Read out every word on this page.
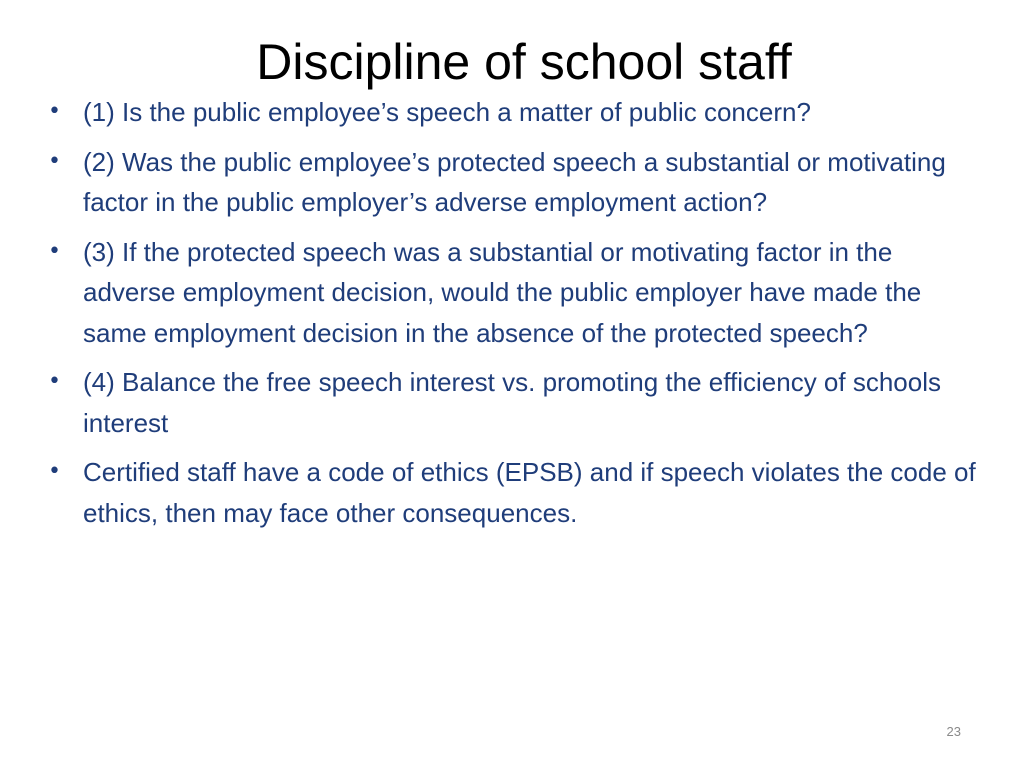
Discipline of school staff
• (1) Is the public employee’s speech a matter of public concern?
• (2) Was the public employee’s protected speech a substantial or motivating factor in the public employer’s adverse employment action?
• (3) If the protected speech was a substantial or motivating factor in the adverse employment decision, would the public employer have made the same employment decision in the absence of the protected speech?
• (4) Balance the free speech interest vs. promoting the efficiency of schools interest
• Certified staff have a code of ethics (EPSB) and if speech violates the code of ethics, then may face other consequences.
23
